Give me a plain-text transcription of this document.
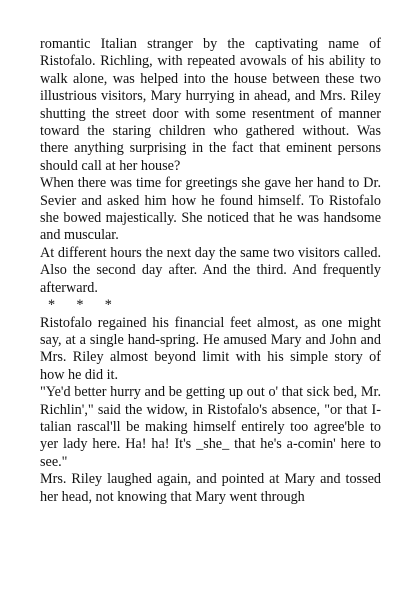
romantic Italian stranger by the captivating name of Ristofalo. Richling, with repeated avowals of his ability to walk alone, was helped into the house between these two illustrious visitors, Mary hurrying in ahead, and Mrs. Riley shutting the street door with some resentment of manner toward the staring children who gathered without. Was there anything surprising in the fact that eminent persons should call at her house?

When there was time for greetings she gave her hand to Dr. Sevier and asked him how he found himself. To Ristofalo she bowed majestically. She noticed that he was handsome and muscular.

At different hours the next day the same two visitors called. Also the second day after. And the third. And frequently afterward.

*      *      *

Ristofalo regained his financial feet almost, as one might say, at a single hand-spring. He amused Mary and John and Mrs. Riley almost beyond limit with his simple story of how he did it.

"Ye'd better hurry and be getting up out o' that sick bed, Mr. Richlin'," said the widow, in Ristofalo's absence, "or that I-talian rascal'll be making himself entirely too agree'ble to yer lady here. Ha! ha! It's _she_ that he's a-comin' here to see."

Mrs. Riley laughed again, and pointed at Mary and tossed her head, not knowing that Mary went through
